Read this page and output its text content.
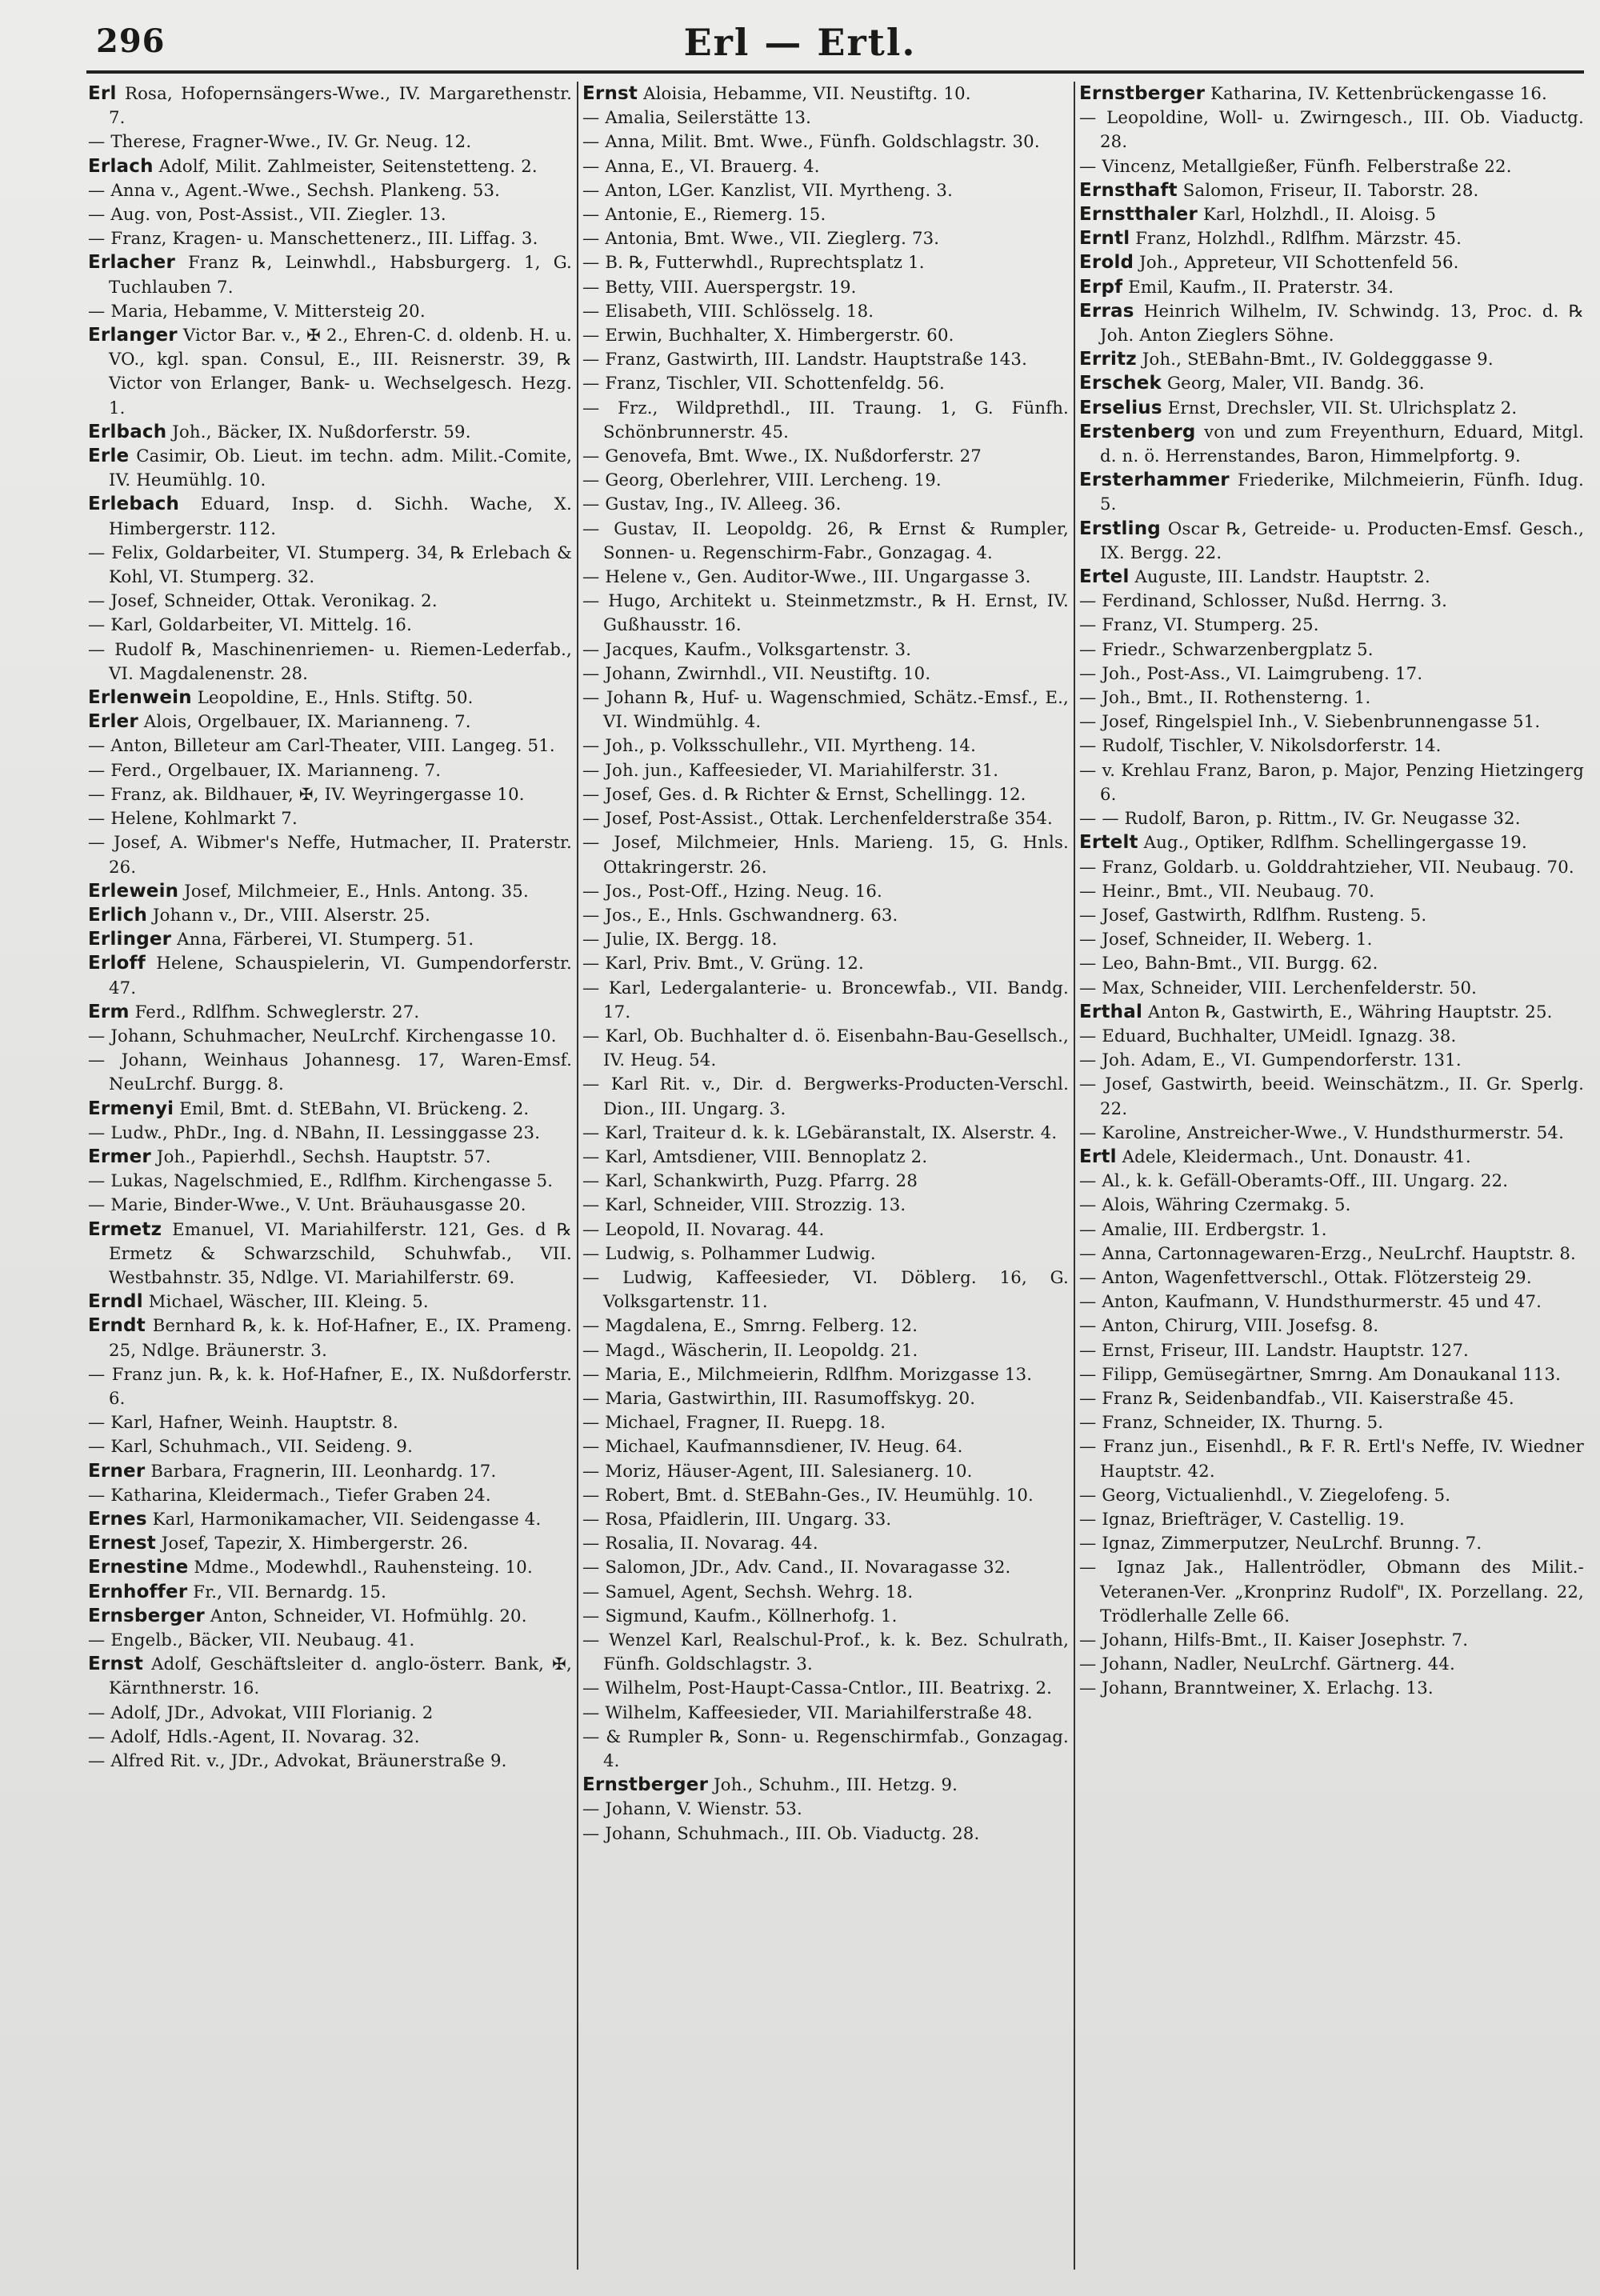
296	Erl — Ertl.
Erl Rosa, Hofopernsängers-Wwe., IV. Margarethenstr. 7.
— Therese, Fragner-Wwe., IV. Gr. Neug. 12.
Erlach Adolf, Milit. Zahlmeister, Seitenstetteng. 2.
— Anna v., Agent.-Wwe., Sechsh. Plankeng. 53.
— Aug. von, Post-Assist., VII. Ziegler. 13.
— Franz, Kragen- u. Manschettenerz., III. Liffag. 3.
Erlacher Franz ℞, Leinwhdl., Habsburgerg. 1, G. Tuchlauben 7.
— Maria, Hebamme, V. Mittersteig 20.
Erlanger Victor Bar. v., ✠ 2., Ehren-C. d. oldenb. H. u. VO., kgl. span. Consul, E., III. Reisnerstr. 39, ℞ Victor von Erlanger, Bank- u. Wechselgesch. Hezg. 1.
Erlbach Joh., Bäcker, IX. Nußdorferstr. 59.
Erle Casimir, Ob. Lieut. im techn. adm. Milit.-Comite, IV. Heumühlg. 10.
Erlebach Eduard, Insp. d. Sichh. Wache, X. Himbergerstr. 112.
— Felix, Goldarbeiter, VI. Stumperg. 34, ℞ Erlebach & Kohl, VI. Stumperg. 32.
— Josef, Schneider, Ottak. Veronikag. 2.
— Karl, Goldarbeiter, VI. Mittelg. 16.
— Rudolf ℞, Maschinenriemen- u. Riemen-Lederfab., VI. Magdalenenstr. 28.
Erlenwein Leopoldine, E., Hnls. Stiftg. 50.
Erler Alois, Orgelbauer, IX. Marianneng. 7.
— Anton, Billeteur am Carl-Theater, VIII. Langeg. 51.
— Ferd., Orgelbauer, IX. Marianneng. 7.
— Franz, ak. Bildhauer, ✠, IV. Weyringergasse 10.
— Helene, Kohlmarkt 7.
— Josef, A. Wibmer's Neffe, Hutmacher, II. Praterstr. 26.
Erlewein Josef, Milchmeier, E., Hnls. Antong. 35.
Erlich Johann v., Dr., VIII. Alserstr. 25.
Erlinger Anna, Färberei, VI. Stumperg. 51.
Erloff Helene, Schauspielerin, VI. Gumpendorferstr. 47.
Erm Ferd., Rdlfhm. Schweglerstr. 27.
— Johann, Schuhmacher, NeuLrchf. Kirchengasse 10.
— Johann, Weinhaus Johannesg. 17, Waren-Emsf. NeuLrchf. Burgg. 8.
Ermenyi Emil, Bmt. d. StEBahn, VI. Brückeng. 2.
— Ludw., PhDr., Ing. d. NBahn, II. Lessinggasse 23.
Ermer Joh., Papierhdl., Sechsh. Hauptstr. 57.
— Lukas, Nagelschmied, E., Rdlfhm. Kirchengasse 5.
— Marie, Binder-Wwe., V. Unt. Bräuhausgasse 20.
Ermetz Emanuel, VI. Mariahilferstr. 121, Ges. d ℞ Ermetz & Schwarzschild, Schuhwfab., VII. Westbahnstr. 35, Ndlge. VI. Mariahilferstr. 69.
Erndl Michael, Wäscher, III. Kleing. 5.
Erndt Bernhard ℞, k. k. Hof-Hafner, E., IX. Prameng. 25, Ndlge. Bräunerstr. 3.
— Franz jun. ℞, k. k. Hof-Hafner, E., IX. Nußdorferstr. 6.
— Karl, Hafner, Weinh. Hauptstr. 8.
— Karl, Schuhmach., VII. Seideng. 9.
Erner Barbara, Fragnerin, III. Leonhardg. 17.
— Katharina, Kleidermach., Tiefer Graben 24.
Ernes Karl, Harmonikamacher, VII. Seidengasse 4.
Ernest Josef, Tapezir, X. Himbergerstr. 26.
Ernestine Mdme., Modewhdl., Rauhensteing. 10.
Ernhoffer Fr., VII. Bernardg. 15.
Ernsberger Anton, Schneider, VI. Hofmühlg. 20.
— Engelb., Bäcker, VII. Neubaug. 41.
Ernst Adolf, Geschäftsleiter d. anglo-österr. Bank, ✠, Kärnthnerstr. 16.
— Adolf, JDr., Advokat, VIII Florianig. 2
— Adolf, Hdls.-Agent, II. Novarag. 32.
— Alfred Rit. v., JDr., Advokat, Bräunerstraße 9.
Ernst Aloisia, Hebamme, VII. Neustiftg. 10.
— Amalia, Seilerstätte 13.
— Anna, Milit. Bmt. Wwe., Fünfh. Goldschlagstr. 30.
— Anna, E., VI. Brauerg. 4.
— Anton, LGer. Kanzlist, VII. Myrtheng. 3.
— Antonie, E., Riemerg. 15.
— Antonia, Bmt. Wwe., VII. Zieglerg. 73.
— B. ℞, Futterwhdl., Ruprechtsplatz 1.
— Betty, VIII. Auerspergstr. 19.
— Elisabeth, VIII. Schlösselg. 18.
— Erwin, Buchhalter, X. Himbergerstr. 60.
— Franz, Gastwirth, III. Landstr. Hauptstraße 143.
— Franz, Tischler, VII. Schottenfeldg. 56.
— Frz., Wildprethdl., III. Traung. 1, G. Fünfh. Schönbrunnerstr. 45.
— Genovefa, Bmt. Wwe., IX. Nußdorferstr. 27
— Georg, Oberlehrer, VIII. Lercheng. 19.
— Gustav, Ing., IV. Alleeg. 36.
— Gustav, II. Leopoldg. 26, ℞ Ernst & Rumpler, Sonnen- u. Regenschirm-Fabr., Gonzagag. 4.
— Helene v., Gen. Auditor-Wwe., III. Ungargasse 3.
— Hugo, Architekt u. Steinmetzmstr., ℞ H. Ernst, IV. Gußhausstr. 16.
— Jacques, Kaufm., Volksgartenstr. 3.
— Johann, Zwirnhdl., VII. Neustiftg. 10.
— Johann ℞, Huf- u. Wagenschmied, Schätz.-Emsf., E., VI. Windmühlg. 4.
— Joh., p. Volksschullehr., VII. Myrtheng. 14.
— Joh. jun., Kaffeesieder, VI. Mariahilferstr. 31.
— Josef, Ges. d. ℞ Richter & Ernst, Schellingg. 12.
— Josef, Post-Assist., Ottak. Lerchenfelderstraße 354.
— Josef, Milchmeier, Hnls. Marieng. 15, G. Hnls. Ottakringerstr. 26.
— Jos., Post-Off., Hzing. Neug. 16.
— Jos., E., Hnls. Gschwandnerg. 63.
— Julie, IX. Bergg. 18.
— Karl, Priv. Bmt., V. Grüng. 12.
— Karl, Ledergalanterie- u. Broncewfab., VII. Bandg. 17.
— Karl, Ob. Buchhalter d. ö. Eisenbahn-Bau-Gesellsch., IV. Heug. 54.
— Karl Rit. v., Dir. d. Bergwerks-Producten-Verschl. Dion., III. Ungarg. 3.
— Karl, Traiteur d. k. k. LGebäranstalt, IX. Alserstr. 4.
— Karl, Amtsdiener, VIII. Bennoplatz 2.
— Karl, Schankwirth, Puzg. Pfarrg. 28
— Karl, Schneider, VIII. Strozzig. 13.
— Leopold, II. Novarag. 44.
— Ludwig, s. Polhammer Ludwig.
— Ludwig, Kaffeesieder, VI. Döblerg. 16, G. Volksgartenstr. 11.
— Magdalena, E., Smrng. Felberg. 12.
— Magd., Wäscherin, II. Leopoldg. 21.
— Maria, E., Milchmeierin, Rdlfhm. Morizgasse 13.
— Maria, Gastwirthin, III. Rasumoffskyg. 20.
— Michael, Fragner, II. Ruepg. 18.
— Michael, Kaufmannsdiener, IV. Heug. 64.
— Moriz, Häuser-Agent, III. Salesianerg. 10.
— Robert, Bmt. d. StEBahn-Ges., IV. Heumühlg. 10.
— Rosa, Pfaidlerin, III. Ungarg. 33.
— Rosalia, II. Novarag. 44.
— Salomon, JDr., Adv. Cand., II. Novaragasse 32.
— Samuel, Agent, Sechsh. Wehrg. 18.
— Sigmund, Kaufm., Köllnerhofg. 1.
— Wenzel Karl, Realschul-Prof., k. k. Bez. Schulrath, Fünfh. Goldschlagstr. 3.
— Wilhelm, Post-Haupt-Cassa-Cntlor., III. Beatrixg. 2.
— Wilhelm, Kaffeesieder, VII. Mariahilferstraße 48.
— & Rumpler ℞, Sonn- u. Regenschirmfab., Gonzagag. 4.
Ernstberger Joh., Schuhm., III. Hetzg. 9.
— Johann, V. Wienstr. 53.
— Johann, Schuhmach., III. Ob. Viaductg. 28.
Ernstberger Katharina, IV. Kettenbrückengasse 16.
— Leopoldine, Woll- u. Zwirngesch., III. Ob. Viaductg. 28.
— Vincenz, Metallgießer, Fünfh. Felberstraße 22.
Ernsthaft Salomon, Friseur, II. Taborstr. 28.
Ernstthaler Karl, Holzhdl., II. Aloisg. 5
Erntl Franz, Holzhdl., Rdlfhm. Märzstr. 45.
Erold Joh., Appreteur, VII Schottenfeld 56.
Erpf Emil, Kaufm., II. Praterstr. 34.
Erras Heinrich Wilhelm, IV. Schwindg. 13, Proc. d. ℞ Joh. Anton Zieglers Söhne.
Erritz Joh., StEBahn-Bmt., IV. Goldegggasse 9.
Erschek Georg, Maler, VII. Bandg. 36.
Erselius Ernst, Drechsler, VII. St. Ulrichsplatz 2.
Erstenberg von und zum Freyenthurn, Eduard, Mitgl. d. n. ö. Herrenstandes, Baron, Himmelpfortg. 9.
Ersterhammer Friederike, Milchmeierin, Fünfh. Idug. 5.
Erstling Oscar ℞, Getreide- u. Producten-Emsf. Gesch., IX. Bergg. 22.
Ertel Auguste, III. Landstr. Hauptstr. 2.
— Ferdinand, Schlosser, Nußd. Herrng. 3.
— Franz, VI. Stumperg. 25.
— Friedr., Schwarzenbergplatz 5.
— Joh., Post-Ass., VI. Laimgrubeng. 17.
— Joh., Bmt., II. Rothensterng. 1.
— Josef, Ringelspiel Inh., V. Siebenbrunnengasse 51.
— Rudolf, Tischler, V. Nikolsdorferstr. 14.
— v. Krehlau Franz, Baron, p. Major, Penzing Hietzingerg 6.
— — Rudolf, Baron, p. Rittm., IV. Gr. Neugasse 32.
Ertelt Aug., Optiker, Rdlfhm. Schellingergasse 19.
— Franz, Goldarb. u. Golddrahtzieher, VII. Neubaug. 70.
— Heinr., Bmt., VII. Neubaug. 70.
— Josef, Gastwirth, Rdlfhm. Rusteng. 5.
— Josef, Schneider, II. Weberg. 1.
— Leo, Bahn-Bmt., VII. Burgg. 62.
— Max, Schneider, VIII. Lerchenfelderstr. 50.
Erthal Anton ℞, Gastwirth, E., Währing Hauptstr. 25.
— Eduard, Buchhalter, UMeidl. Ignazg. 38.
— Joh. Adam, E., VI. Gumpendorferstr. 131.
— Josef, Gastwirth, beeid. Weinschätzm., II. Gr. Sperlg. 22.
— Karoline, Anstreicher-Wwe., V. Hundsthurmerstr. 54.
Ertl Adele, Kleidermach., Unt. Donaustr. 41.
— Al., k. k. Gefäll-Oberamts-Off., III. Ungarg. 22.
— Alois, Währing Czermakg. 5.
— Amalie, III. Erdbergstr. 1.
— Anna, Cartonnagewaren-Erzg., NeuLrchf. Hauptstr. 8.
— Anton, Wagenfettverschl., Ottak. Flötzersteig 29.
— Anton, Kaufmann, V. Hundsthurmerstr. 45 und 47.
— Anton, Chirurg, VIII. Josefsg. 8.
— Ernst, Friseur, III. Landstr. Hauptstr. 127.
— Filipp, Gemüsegärtner, Smrng. Am Donaukanal 113.
— Franz ℞, Seidenbandfab., VII. Kaiserstraße 45.
— Franz, Schneider, IX. Thurng. 5.
— Franz jun., Eisenhdl., ℞ F. R. Ertl's Neffe, IV. Wiedner Hauptstr. 42.
— Georg, Victualienhdl., V. Ziegelofeng. 5.
— Ignaz, Briefträger, V. Castellig. 19.
— Ignaz, Zimmerputzer, NeuLrchf. Brunng. 7.
— Ignaz Jak., Hallentrödler, Obmann des Milit.-Veteranen-Ver. „Kronprinz Rudolf", IX. Porzellang. 22, Trödlerhalle Zelle 66.
— Johann, Hilfs-Bmt., II. Kaiser Josephstr. 7.
— Johann, Nadler, NeuLrchf. Gärtnerg. 44.
— Johann, Branntweiner, X. Erlachg. 13.
